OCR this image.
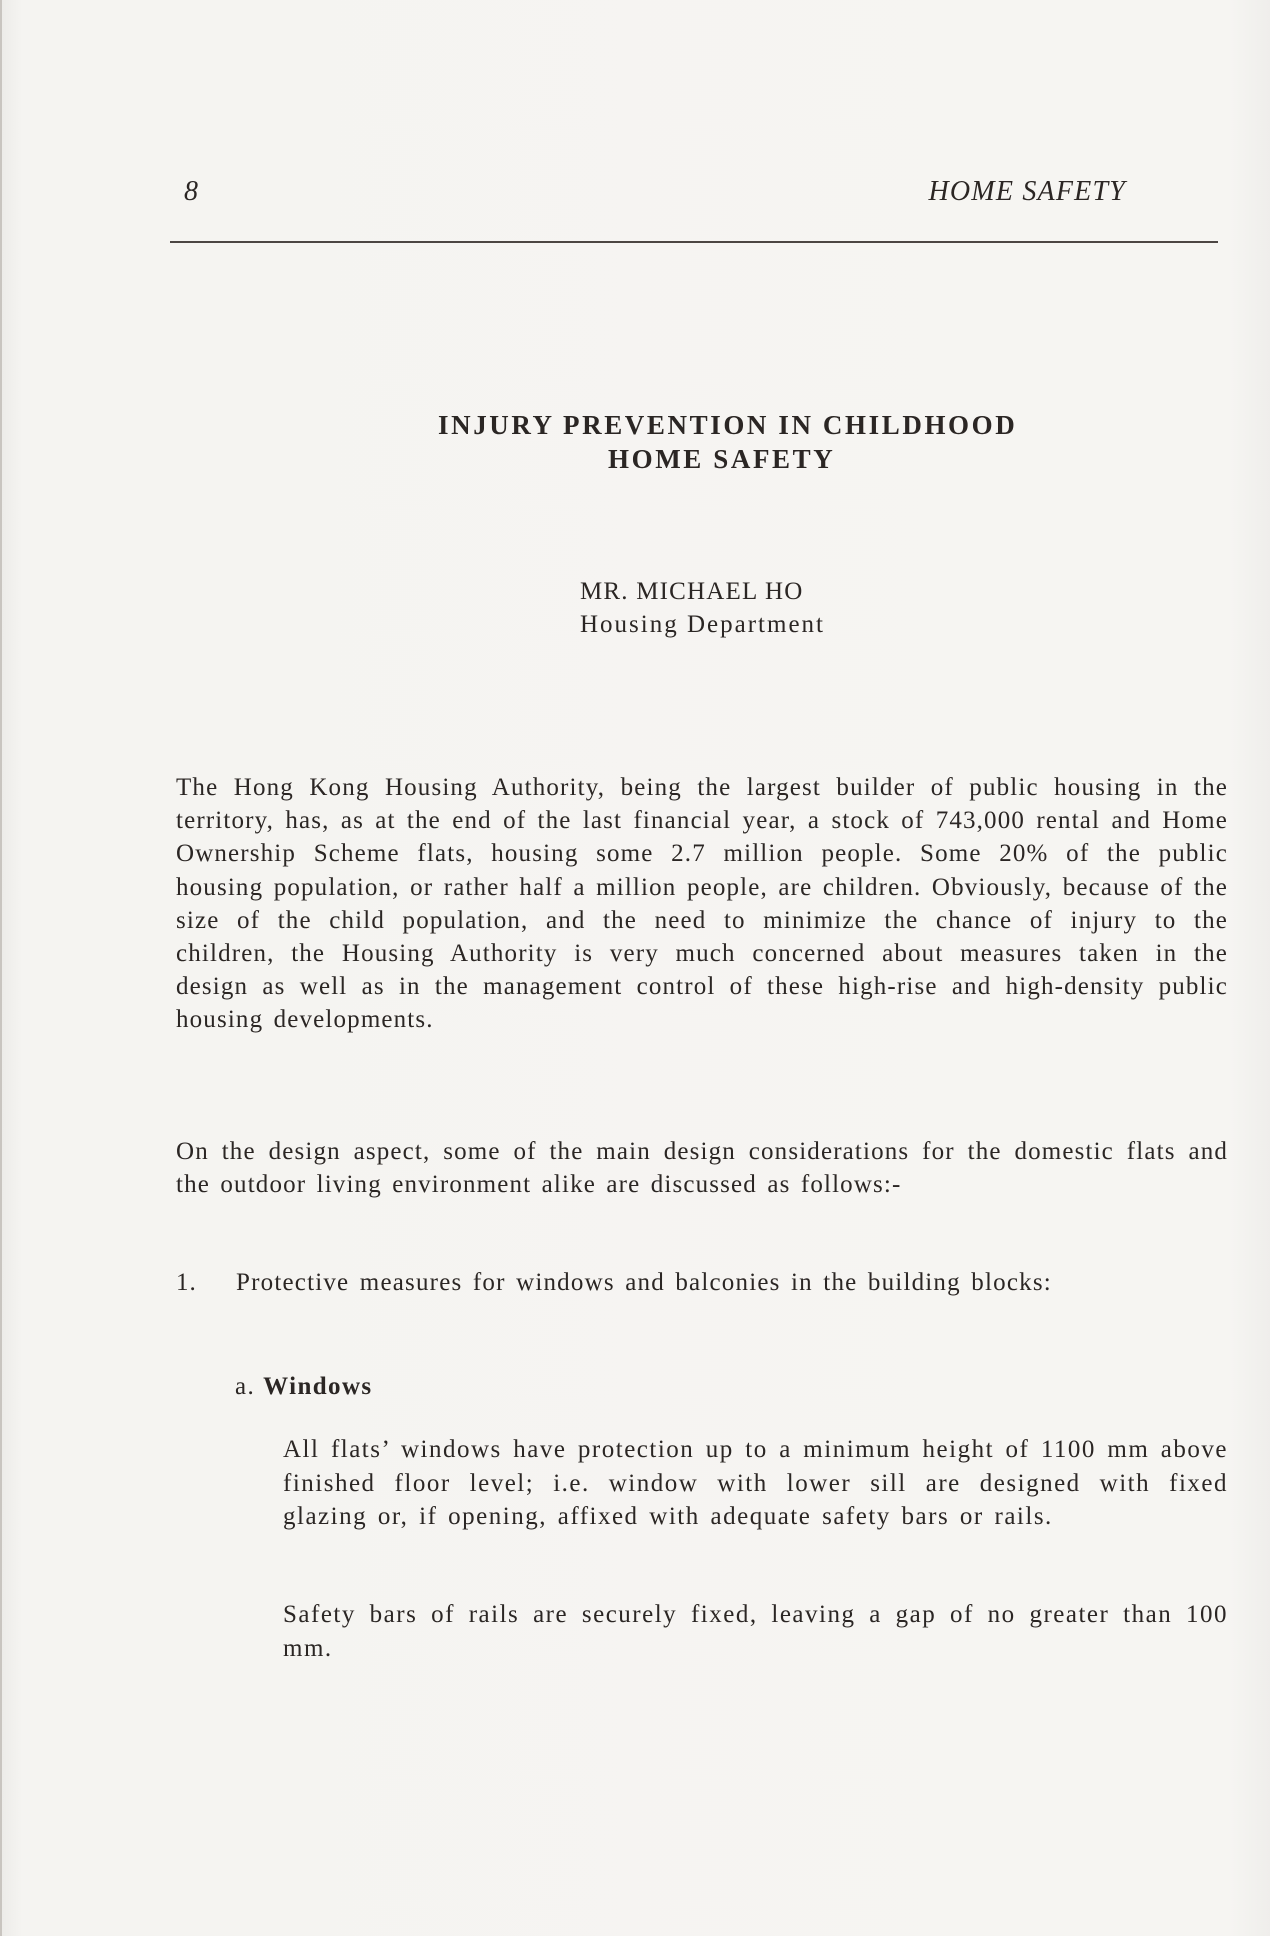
8	HOME SAFETY
INJURY PREVENTION IN CHILDHOOD
HOME SAFETY
MR. MICHAEL HO
Housing Department
The Hong Kong Housing Authority, being the largest builder of public housing in the territory, has, as at the end of the last financial year, a stock of 743,000 rental and Home Ownership Scheme flats, housing some 2.7 million people. Some 20% of the public housing population, or rather half a million people, are children. Obviously, because of the size of the child population, and the need to minimize the chance of injury to the children, the Housing Authority is very much concerned about measures taken in the design as well as in the management control of these high-rise and high-density public housing developments.
On the design aspect, some of the main design considerations for the domestic flats and the outdoor living environment alike are discussed as follows:-
1.	Protective measures for windows and balconies in the building blocks:
a. Windows
All flats’ windows have protection up to a minimum height of 1100 mm above finished floor level; i.e. window with lower sill are designed with fixed glazing or, if opening, affixed with adequate safety bars or rails.
Safety bars of rails are securely fixed, leaving a gap of no greater than 100 mm.
